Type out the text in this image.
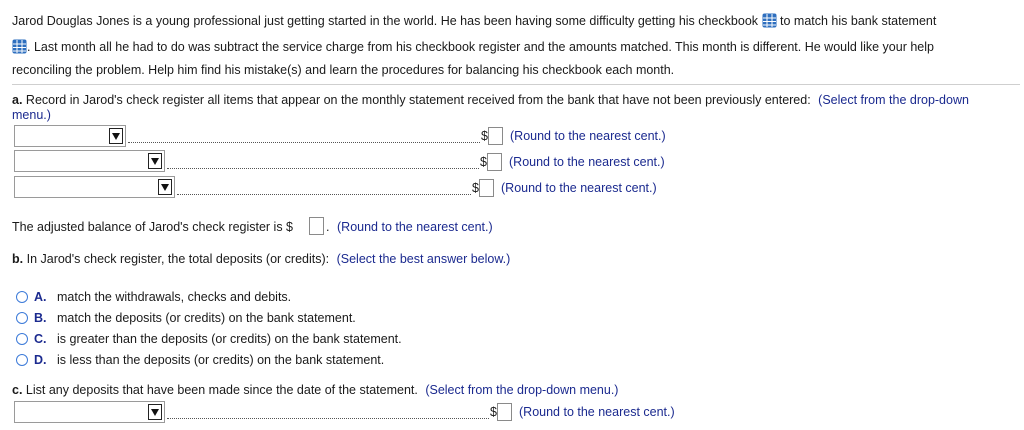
Jarod Douglas Jones is a young professional just getting started in the world. He has been having some difficulty getting his checkbook to match his bank statement
. Last month all he had to do was subtract the service charge from his checkbook register and the amounts matched. This month is different. He would like your help
reconciling the problem. Help him find his mistake(s) and learn the procedures for balancing his checkbook each month.
a. Record in Jarod's check register all items that appear on the monthly statement received from the bank that have not been previously entered: (Select from the drop-down
menu.)
$ (Round to the nearest cent.)
$ (Round to the nearest cent.)
$ (Round to the nearest cent.)
The adjusted balance of Jarod's check register is $	. (Round to the nearest cent.)
b. In Jarod's check register, the total deposits (or credits): (Select the best answer below.)
A. match the withdrawals, checks and debits.
B. match the deposits (or credits) on the bank statement.
C. is greater than the deposits (or credits) on the bank statement.
D. is less than the deposits (or credits) on the bank statement.
c. List any deposits that have been made since the date of the statement. (Select from the drop-down menu.)
$ (Round to the nearest cent.)
